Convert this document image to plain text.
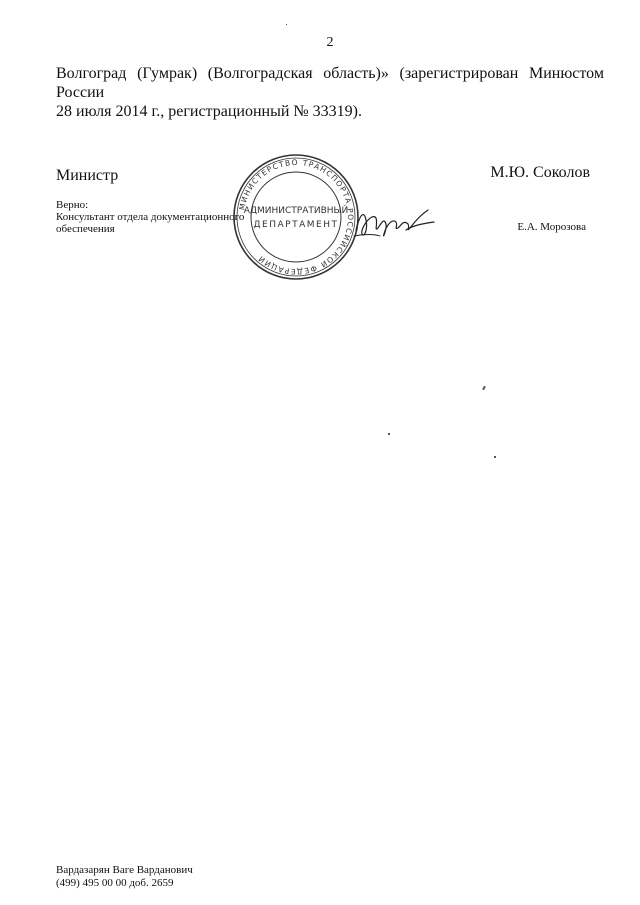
2
Волгоград (Гумрак) (Волгоградская область)» (зарегистрирован Минюстом России
28 июля 2014 г., регистрационный № 33319).
Министр	М.Ю. Соколов
Верно:
Консультант отдела документационного
обеспечения	Е.А. Морозова
МИНИСТЕРСТВО ТРАНСПОРТА РОССИЙСКОЙ ФЕДЕРАЦИИ
АДМИНИСТРАТИВНЫЙ
ДЕПАРТАМЕНТ
Вардазарян Ваге Варданович
(499) 495 00 00 доб. 2659
